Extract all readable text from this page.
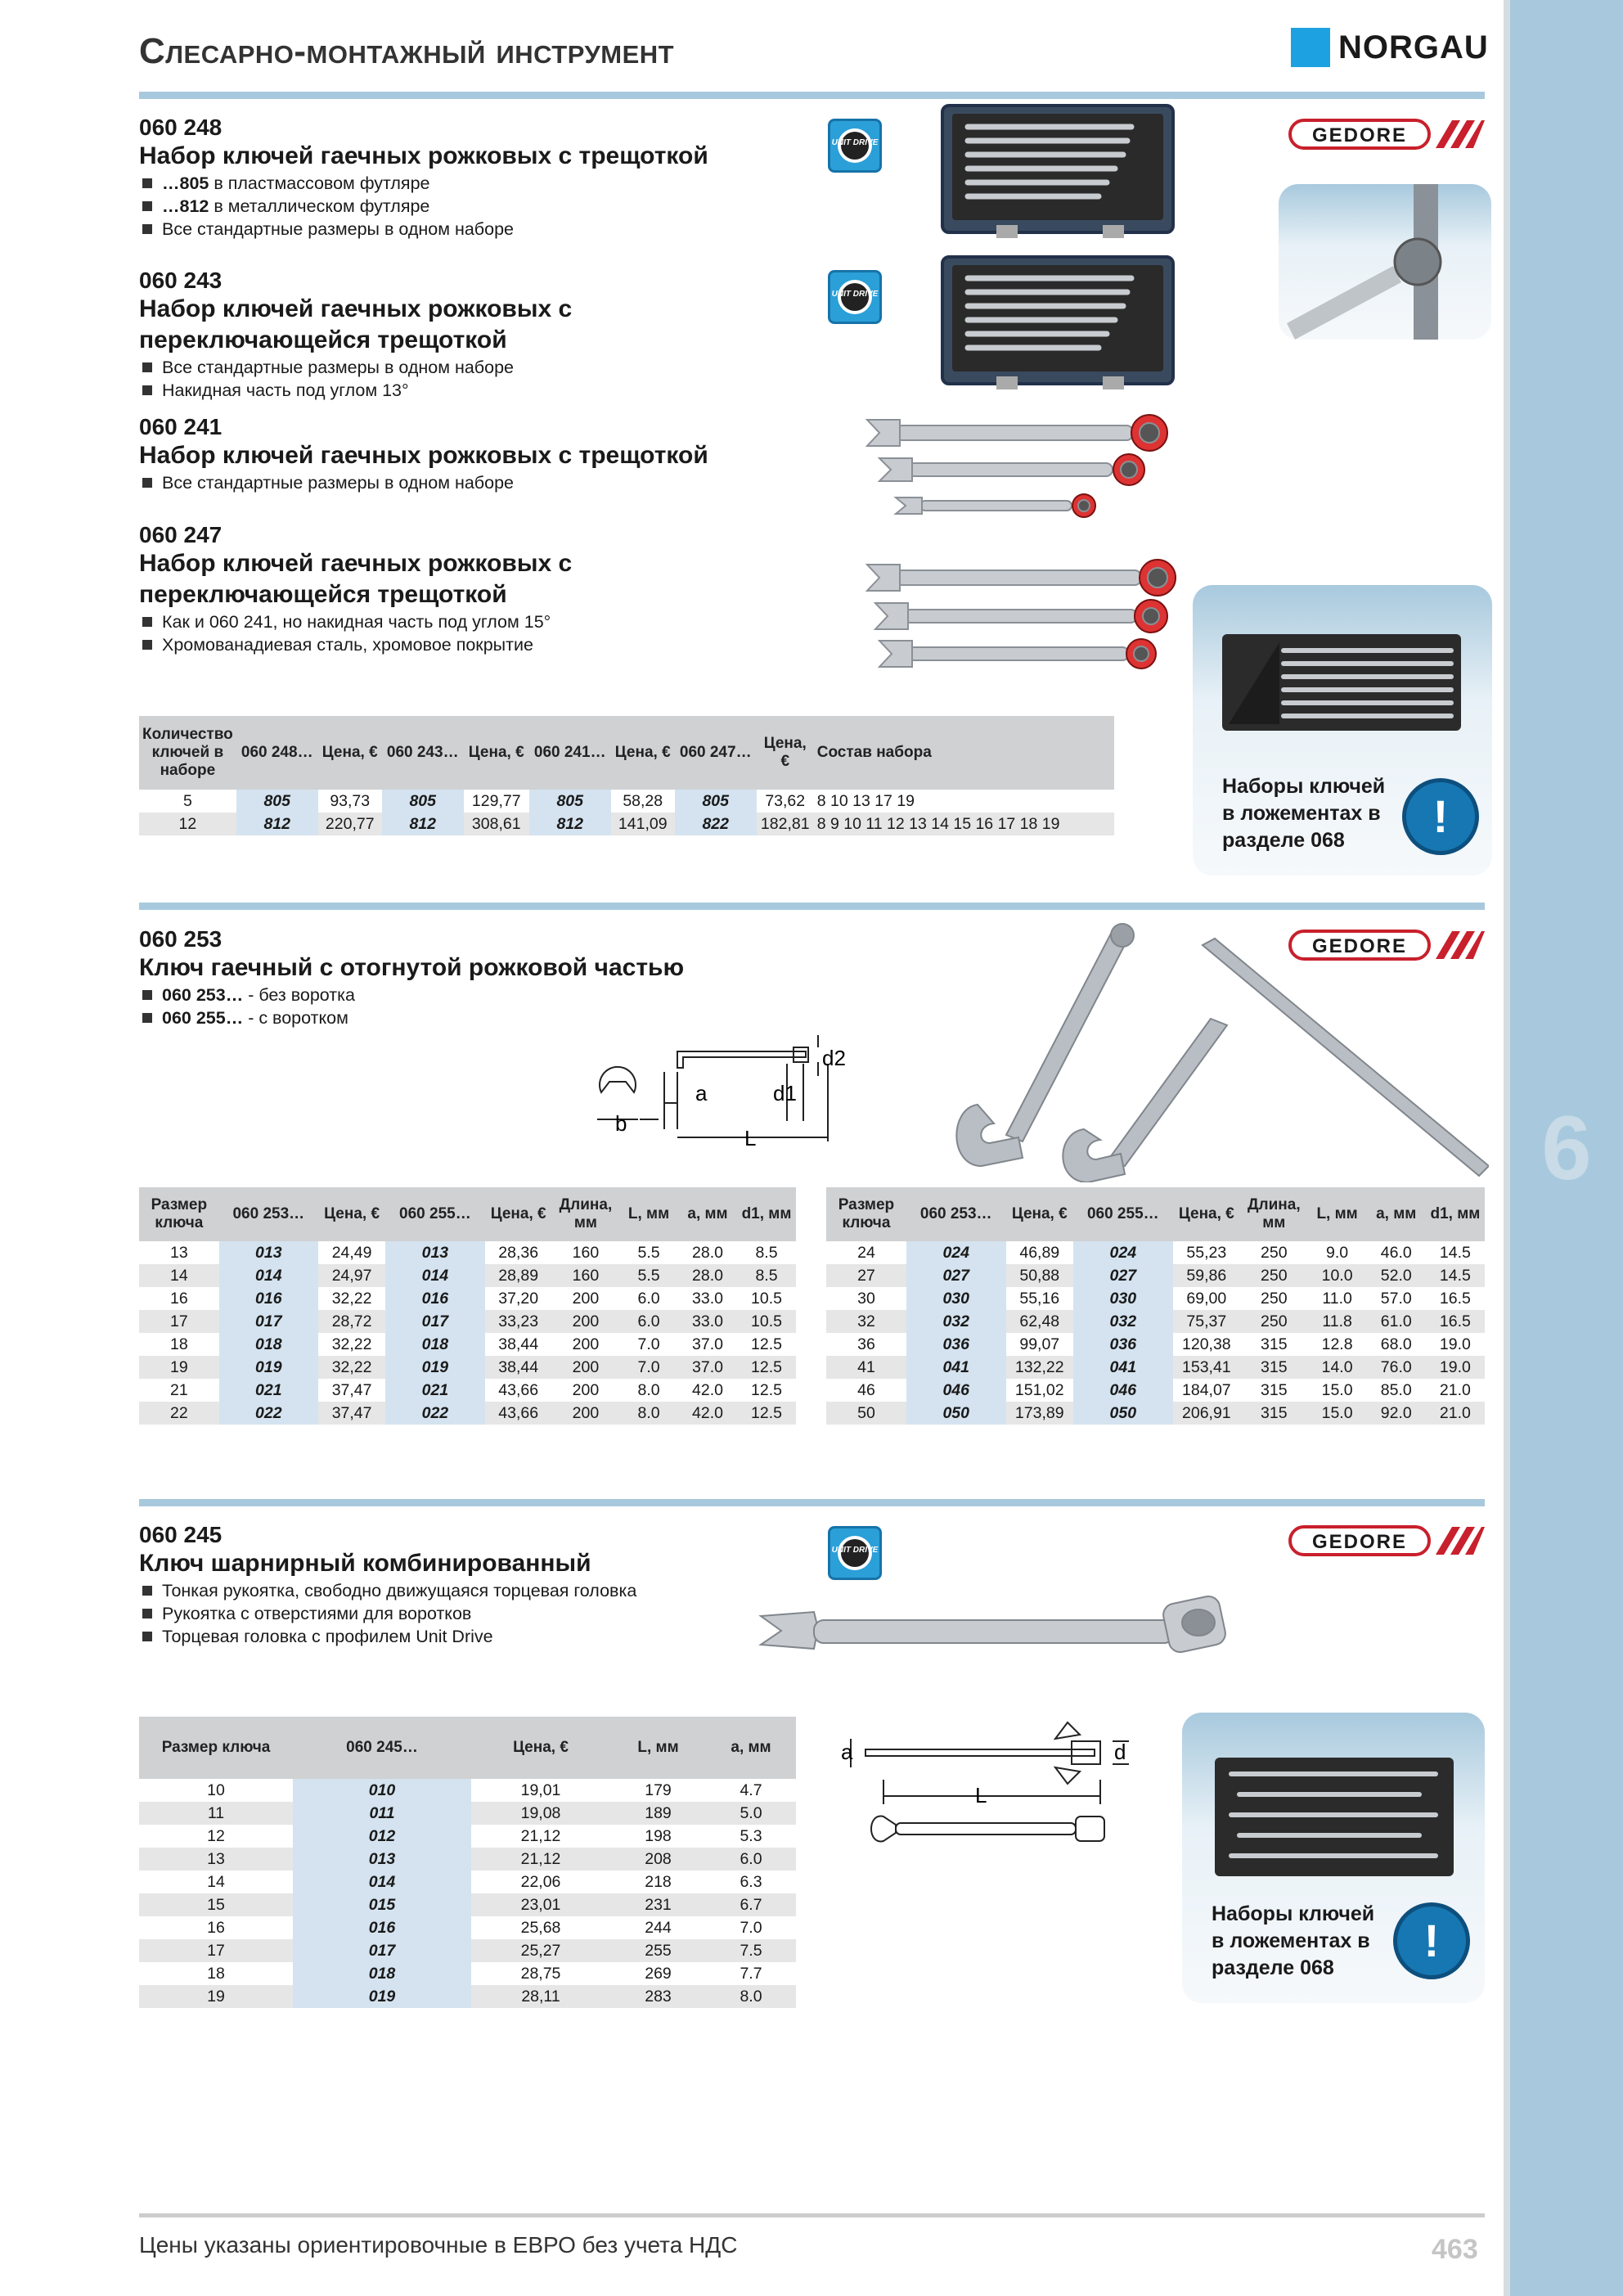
6
Слесарно-монтажный инструмент	NORGAU
GEDORE
060 248
Набор ключей гаечных рожковых с трещоткой
…805 в пластмассовом футляре
…812 в металлическом футляре
Все стандартные размеры в одном наборе
UNIT DRIVE
UNIT DRIVE
060 243
Набор ключей гаечных рожковых с
переключающейся трещоткой
Все стандартные размеры в одном наборе
Накидная часть под углом 13°
060 241
Набор ключей гаечных рожковых с трещоткой
Все стандартные размеры в одном наборе
060 247
Набор ключей гаечных рожковых с
переключающейся трещоткой
Как и 060 241, но накидная часть под углом 15°
Хромованадиевая сталь, хромовое покрытие
Количество ключей в наборе	060 248…	Цена, €	060 243…	Цена, €	060 241…	Цена, €	060 247…	Цена, €	Состав набора
5	805	93,73	805	129,77	805	58,28	805	73,62	8 10 13 17 19
12	812	220,77	812	308,61	812	141,09	822	182,81	8 9 10 11 12 13 14 15 16 17 18 19
Наборы ключей
в ложементах в
разделе 068	!
GEDORE
060 253
Ключ гаечный с отогнутой рожковой частью
060 253… - без воротка
060 255… - с воротком
a
b
d1
d2
L
Размер ключа	060 253…	Цена, €	060 255…	Цена, €	Длина, мм	L, мм	a, мм	d1, мм
13	013	24,49	013	28,36	160	5.5	28.0	8.5
14	014	24,97	014	28,89	160	5.5	28.0	8.5
16	016	32,22	016	37,20	200	6.0	33.0	10.5
17	017	28,72	017	33,23	200	6.0	33.0	10.5
18	018	32,22	018	38,44	200	7.0	37.0	12.5
19	019	32,22	019	38,44	200	7.0	37.0	12.5
21	021	37,47	021	43,66	200	8.0	42.0	12.5
22	022	37,47	022	43,66	200	8.0	42.0	12.5
Размер ключа	060 253…	Цена, €	060 255…	Цена, €	Длина, мм	L, мм	a, мм	d1, мм
24	024	46,89	024	55,23	250	9.0	46.0	14.5
27	027	50,88	027	59,86	250	10.0	52.0	14.5
30	030	55,16	030	69,00	250	11.0	57.0	16.5
32	032	62,48	032	75,37	250	11.8	61.0	16.5
36	036	99,07	036	120,38	315	12.8	68.0	19.0
41	041	132,22	041	153,41	315	14.0	76.0	19.0
46	046	151,02	046	184,07	315	15.0	85.0	21.0
50	050	173,89	050	206,91	315	15.0	92.0	21.0
GEDORE
UNIT DRIVE
060 245
Ключ шарнирный комбинированный
Тонкая рукоятка, свободно движущаяся торцевая головка
Рукоятка с отверстиями для воротков
Торцевая головка с профилем Unit Drive
Размер ключа	060 245…	Цена, €	L, мм	a, мм
10	010	19,01	179	4.7
11	011	19,08	189	5.0
12	012	21,12	198	5.3
13	013	21,12	208	6.0
14	014	22,06	218	6.3
15	015	23,01	231	6.7
16	016	25,68	244	7.0
17	017	25,27	255	7.5
18	018	28,75	269	7.7
19	019	28,11	283	8.0
a	d
L
Наборы ключей
в ложементах в
разделе 068
!
Цены указаны ориентировочные в ЕВРО без учета НДС	463
